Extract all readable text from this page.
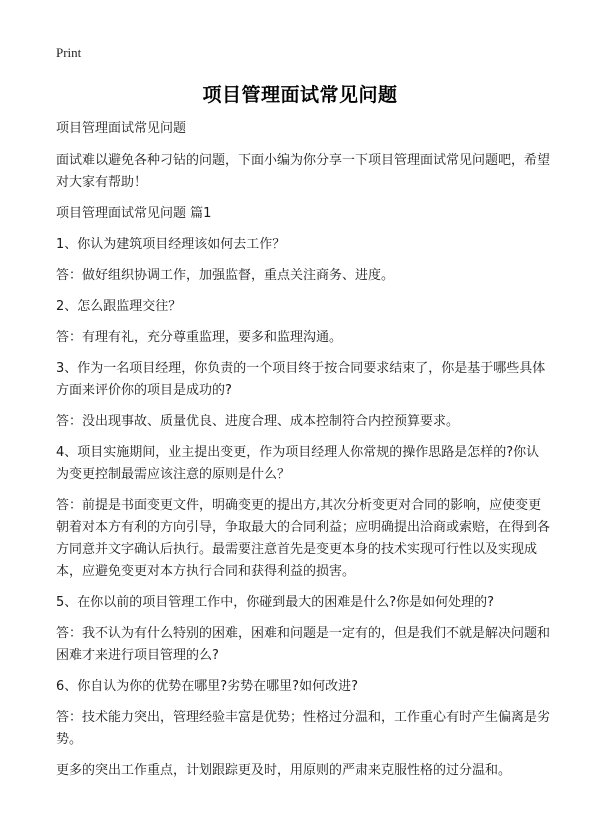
Print
项目管理面试常见问题

项目管理面试常见问题

面试难以避免各种刁钻的问题，下面小编为你分享一下项目管理面试常见问题吧，希望对大家有帮助！

项目管理面试常见问题 篇1

1、你认为建筑项目经理该如何去工作？

答：做好组织协调工作，加强监督，重点关注商务、进度。

2、怎么跟监理交往？

答：有理有礼，充分尊重监理，要多和监理沟通。

3、作为一名项目经理，你负责的一个项目终于按合同要求结束了，你是基于哪些具体方面来评价你的项目是成功的?

答：没出现事故、质量优良、进度合理、成本控制符合内控预算要求。

4、项目实施期间，业主提出变更，作为项目经理人你常规的操作思路是怎样的?你认为变更控制最需应该注意的原则是什么？

答：前提是书面变更文件，明确变更的提出方,其次分析变更对合同的影响，应使变更朝着对本方有利的方向引导，争取最大的合同利益；应明确提出洽商或索赔，在得到各方同意并文字确认后执行。最需要注意首先是变更本身的技术实现可行性以及实现成本，应避免变更对本方执行合同和获得利益的损害。

5、在你以前的项目管理工作中，你碰到最大的困难是什么?你是如何处理的?

答：我不认为有什么特别的困难，困难和问题是一定有的，但是我们不就是解决问题和困难才来进行项目管理的么?

6、你自认为你的优势在哪里?劣势在哪里?如何改进?

答：技术能力突出，管理经验丰富是优势；性格过分温和，工作重心有时产生偏离是劣势。

更多的突出工作重点，计划跟踪更及时，用原则的严肃来克服性格的过分温和。
